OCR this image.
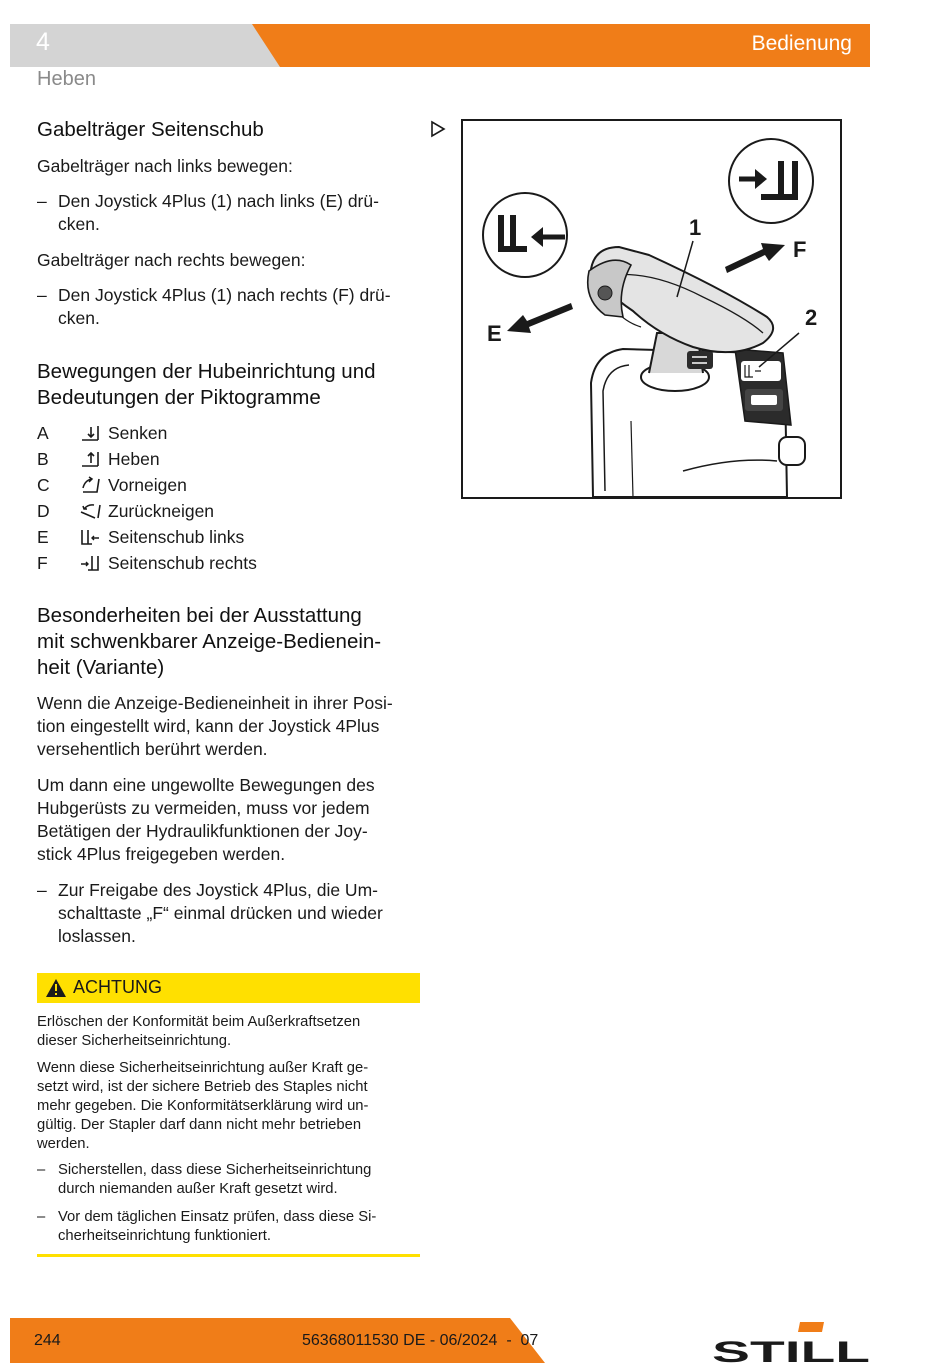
4	Bedienung
Heben
Gabelträger Seitenschub
Gabelträger nach links bewegen:
– Den Joystick 4Plus (1) nach links (E) drü-
cken.
Gabelträger nach rechts bewegen:
– Den Joystick 4Plus (1) nach rechts (F) drü-
cken.
Bewegungen der Hubeinrichtung und Bedeutungen der Piktogramme
A	Senken
B	Heben
C	Vorneigen
D	Zurückneigen
E	Seitenschub links
F	Seitenschub rechts
Besonderheiten bei der Ausstattung
mit schwenkbarer Anzeige-Bedienein-
heit (Variante)
Wenn die Anzeige-Bedieneinheit in ihrer Posi-
tion eingestellt wird, kann der Joystick 4Plus
versehentlich berührt werden.
Um dann eine ungewollte Bewegungen des
Hubgerüsts zu vermeiden, muss vor jedem
Betätigen der Hydraulikfunktionen der Joy-
stick 4Plus freigegeben werden.
– Zur Freigabe des Joystick 4Plus, die Um-
schalttaste „F“ einmal drücken und wieder
loslassen.
ACHTUNG
Erlöschen der Konformität beim Außerkraftsetzen
dieser Sicherheitseinrichtung.
Wenn diese Sicherheitseinrichtung außer Kraft ge-
setzt wird, ist der sichere Betrieb des Staples nicht
mehr gegeben. Die Konformitätserklärung wird un-
gültig. Der Stapler darf dann nicht mehr betrieben
werden.
– Sicherstellen, dass diese Sicherheitseinrichtung
durch niemanden außer Kraft gesetzt wird.
– Vor dem täglichen Einsatz prüfen, dass diese Si-
cherheitseinrichtung funktioniert.
1
F
2
E
244	56368011530 DE - 06/2024  -  07	STILL
